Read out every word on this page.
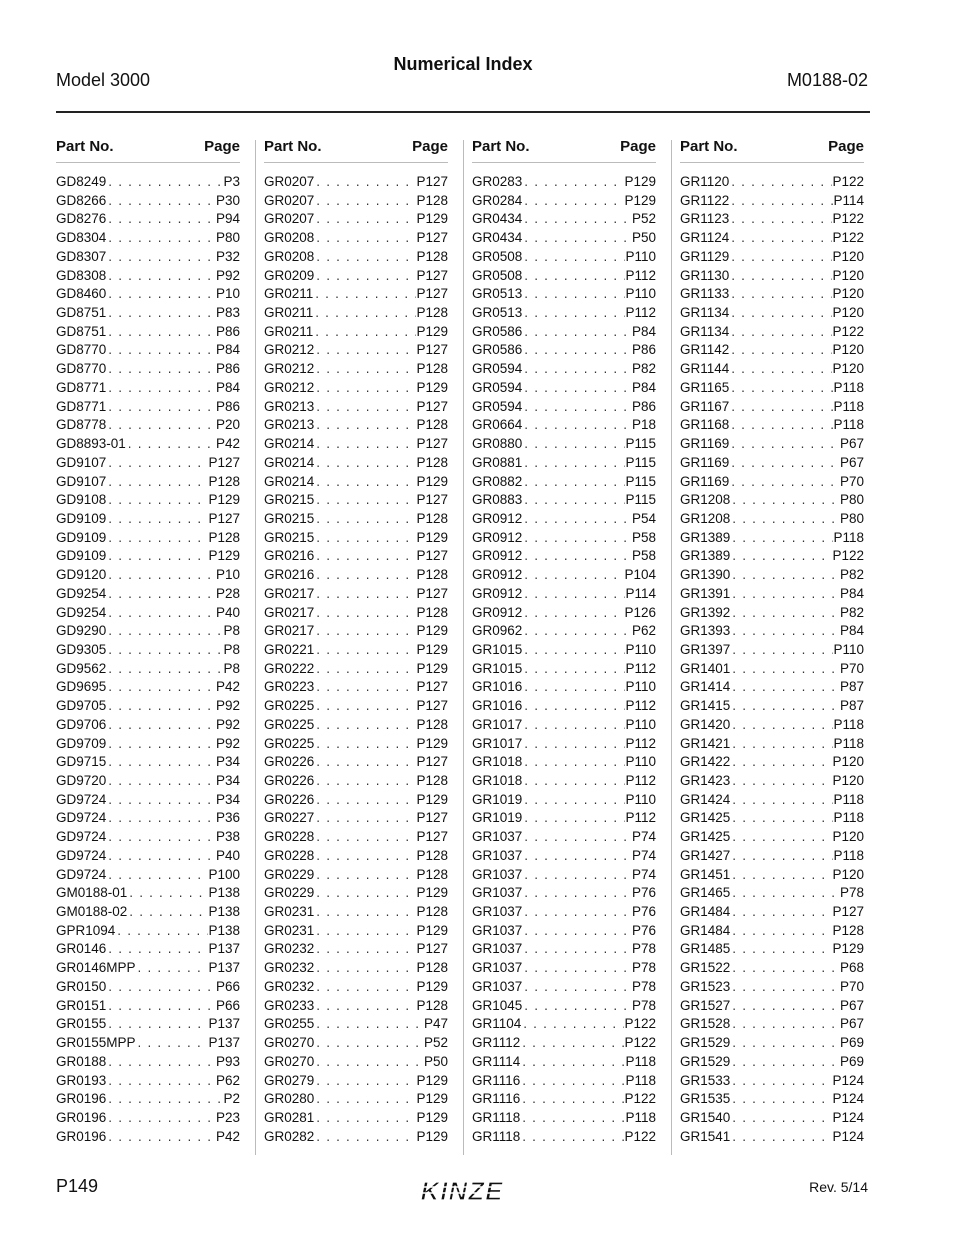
Numerical Index
Model 3000	M0188-02
Part No.	Page
GD8249 . . .	P3
GD8266 . . .	P30
GD8276 . . .	P94
GD8304 . . .	P80
GD8307 . . .	P32
GD8308 . . .	P92
GD8460 . . .	P10
GD8751 . . .	P83
GD8751 . . .	P86
GD8770 . . .	P84
GD8770 . . .	P86
GD8771 . . .	P84
GD8771 . . .	P86
GD8778 . . .	P20
GD8893-01 . . .	P42
GD9107 . . .	P127
GD9107 . . .	P128
GD9108 . . .	P129
GD9109 . . .	P127
GD9109 . . .	P128
GD9109 . . .	P129
GD9120 . . .	P10
GD9254 . . .	P28
GD9254 . . .	P40
GD9290 . . .	P8
GD9305 . . .	P8
GD9562 . . .	P8
GD9695 . . .	P42
GD9705 . . .	P92
GD9706 . . .	P92
GD9709 . . .	P92
GD9715 . . .	P34
GD9720 . . .	P34
GD9724 . . .	P34
GD9724 . . .	P36
GD9724 . . .	P38
GD9724 . . .	P40
GD9724 . . .	P100
GM0188-01 . . .	P138
GM0188-02 . . .	P138
GPR1094 . . .	P138
GR0146 . . .	P137
GR0146MPP . . .	P137
GR0150 . . .	P66
GR0151 . . .	P66
GR0155 . . .	P137
GR0155MPP . . .	P137
GR0188 . . .	P93
GR0193 . . .	P62
GR0196 . . .	P2
GR0196 . . .	P23
GR0196 . . .	P42
Part No.	Page
GR0207 . . .	P127
GR0207 . . .	P128
GR0207 . . .	P129
GR0208 . . .	P127
GR0208 . . .	P128
GR0209 . . .	P127
GR0211 . . .	P127
GR0211 . . .	P128
GR0211 . . .	P129
GR0212 . . .	P127
GR0212 . . .	P128
GR0212 . . .	P129
GR0213 . . .	P127
GR0213 . . .	P128
GR0214 . . .	P127
GR0214 . . .	P128
GR0214 . . .	P129
GR0215 . . .	P127
GR0215 . . .	P128
GR0215 . . .	P129
GR0216 . . .	P127
GR0216 . . .	P128
GR0217 . . .	P127
GR0217 . . .	P128
GR0217 . . .	P129
GR0221 . . .	P129
GR0222 . . .	P129
GR0223 . . .	P127
GR0225 . . .	P127
GR0225 . . .	P128
GR0225 . . .	P129
GR0226 . . .	P127
GR0226 . . .	P128
GR0226 . . .	P129
GR0227 . . .	P127
GR0228 . . .	P127
GR0228 . . .	P128
GR0229 . . .	P128
GR0229 . . .	P129
GR0231 . . .	P128
GR0231 . . .	P129
GR0232 . . .	P127
GR0232 . . .	P128
GR0232 . . .	P129
GR0233 . . .	P128
GR0255 . . .	P47
GR0270 . . .	P52
GR0270 . . .	P50
GR0279 . . .	P129
GR0280 . . .	P129
GR0281 . . .	P129
GR0282 . . .	P129
Part No.	Page
GR0283 . . .	P129
GR0284 . . .	P129
GR0434 . . .	P52
GR0434 . . .	P50
GR0508 . . .	P110
GR0508 . . .	P112
GR0513 . . .	P110
GR0513 . . .	P112
GR0586 . . .	P84
GR0586 . . .	P86
GR0594 . . .	P82
GR0594 . . .	P84
GR0594 . . .	P86
GR0664 . . .	P18
GR0880 . . .	P115
GR0881 . . .	P115
GR0882 . . .	P115
GR0883 . . .	P115
GR0912 . . .	P54
GR0912 . . .	P58
GR0912 . . .	P58
GR0912 . . .	P104
GR0912 . . .	P114
GR0912 . . .	P126
GR0962 . . .	P62
GR1015 . . .	P110
GR1015 . . .	P112
GR1016 . . .	P110
GR1016 . . .	P112
GR1017 . . .	P110
GR1017 . . .	P112
GR1018 . . .	P110
GR1018 . . .	P112
GR1019 . . .	P110
GR1019 . . .	P112
GR1037 . . .	P74
GR1037 . . .	P74
GR1037 . . .	P74
GR1037 . . .	P76
GR1037 . . .	P76
GR1037 . . .	P76
GR1037 . . .	P78
GR1037 . . .	P78
GR1037 . . .	P78
GR1045 . . .	P78
GR1104 . . .	P122
GR1112 . . .	P122
GR1114 . . .	P118
GR1116 . . .	P118
GR1116 . . .	P122
GR1118 . . .	P118
GR1118 . . .	P122
Part No.	Page
GR1120 . . .	P122
GR1122 . . .	P114
GR1123 . . .	P122
GR1124 . . .	P122
GR1129 . . .	P120
GR1130 . . .	P120
GR1133 . . .	P120
GR1134 . . .	P120
GR1134 . . .	P122
GR1142 . . .	P120
GR1144 . . .	P120
GR1165 . . .	P118
GR1167 . . .	P118
GR1168 . . .	P118
GR1169 . . .	P67
GR1169 . . .	P67
GR1169 . . .	P70
GR1208 . . .	P80
GR1208 . . .	P80
GR1389 . . .	P118
GR1389 . . .	P122
GR1390 . . .	P82
GR1391 . . .	P84
GR1392 . . .	P82
GR1393 . . .	P84
GR1397 . . .	P110
GR1401 . . .	P70
GR1414 . . .	P87
GR1415 . . .	P87
GR1420 . . .	P118
GR1421 . . .	P118
GR1422 . . .	P120
GR1423 . . .	P120
GR1424 . . .	P118
GR1425 . . .	P118
GR1425 . . .	P120
GR1427 . . .	P118
GR1451 . . .	P120
GR1465 . . .	P78
GR1484 . . .	P127
GR1484 . . .	P128
GR1485 . . .	P129
GR1522 . . .	P68
GR1523 . . .	P70
GR1527 . . .	P67
GR1528 . . .	P67
GR1529 . . .	P69
GR1529 . . .	P69
GR1533 . . .	P124
GR1535 . . .	P124
GR1540 . . .	P124
GR1541 . . .	P124
P149	KINZE	Rev. 5/14
